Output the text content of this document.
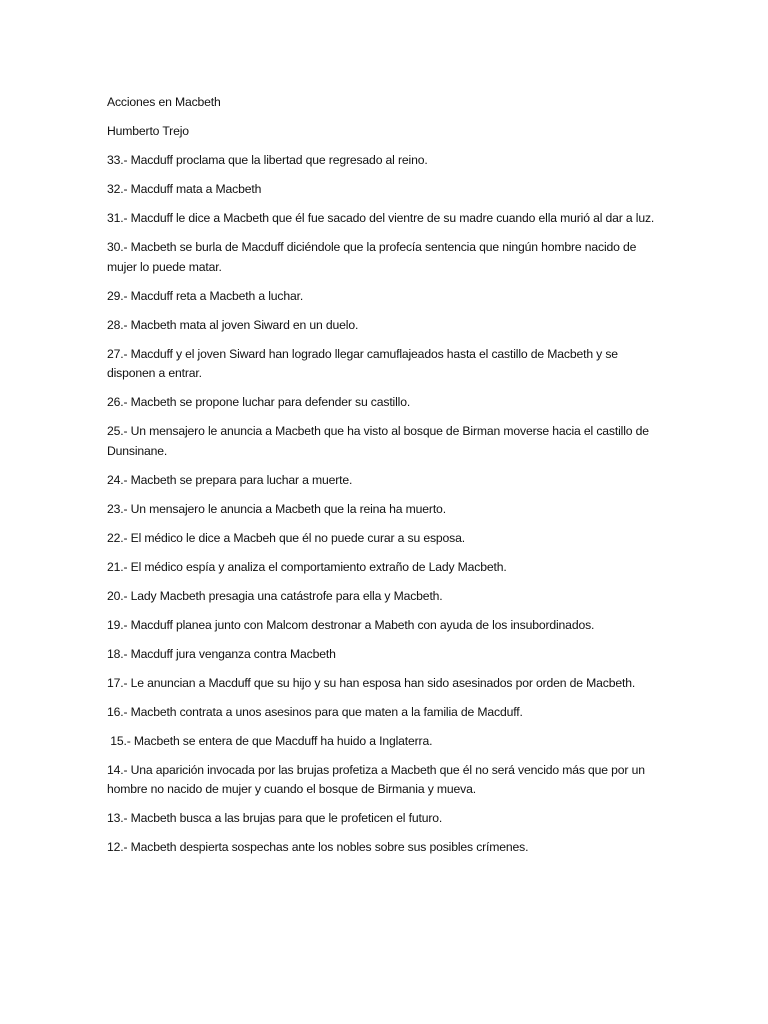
Acciones en Macbeth

Humberto Trejo

33.- Macduff proclama que la libertad que regresado al reino.

32.- Macduff mata a Macbeth

31.- Macduff le dice a Macbeth que él fue sacado del vientre de su madre cuando ella murió al dar a luz.

30.- Macbeth se burla de Macduff diciéndole que la profecía sentencia que ningún hombre nacido de mujer lo puede matar.

29.- Macduff reta a Macbeth a luchar.

28.- Macbeth mata al joven Siward en un duelo.

27.- Macduff y el joven Siward han logrado llegar camuflajeados hasta el castillo de Macbeth y se disponen a entrar.

26.- Macbeth se propone luchar para defender su castillo.

25.- Un mensajero le anuncia a Macbeth que ha visto al bosque de Birman moverse hacia el castillo de Dunsinane.

24.- Macbeth se prepara para luchar a muerte.

23.- Un mensajero le anuncia a Macbeth que la reina ha muerto.

22.- El médico le dice a Macbeh que él no puede curar a su esposa.

21.- El médico espía y analiza el comportamiento extraño de Lady Macbeth.

20.- Lady Macbeth presagia una catástrofe para ella y Macbeth.

19.- Macduff planea junto con Malcom destronar a Mabeth con ayuda de los insubordinados.

18.- Macduff jura venganza contra Macbeth

17.- Le anuncian a Macduff que su hijo y su han esposa han sido asesinados por orden de Macbeth.

16.- Macbeth contrata a unos asesinos para que maten a la familia de Macduff.

15.- Macbeth se entera de que Macduff ha huido a Inglaterra.

14.- Una aparición invocada por las brujas profetiza a Macbeth que él no será vencido más que por un hombre no nacido de mujer y cuando el bosque de Birmania y mueva.

13.- Macbeth busca a las brujas para que le profeticen el futuro.

12.- Macbeth despierta sospechas ante los nobles sobre sus posibles crímenes.
